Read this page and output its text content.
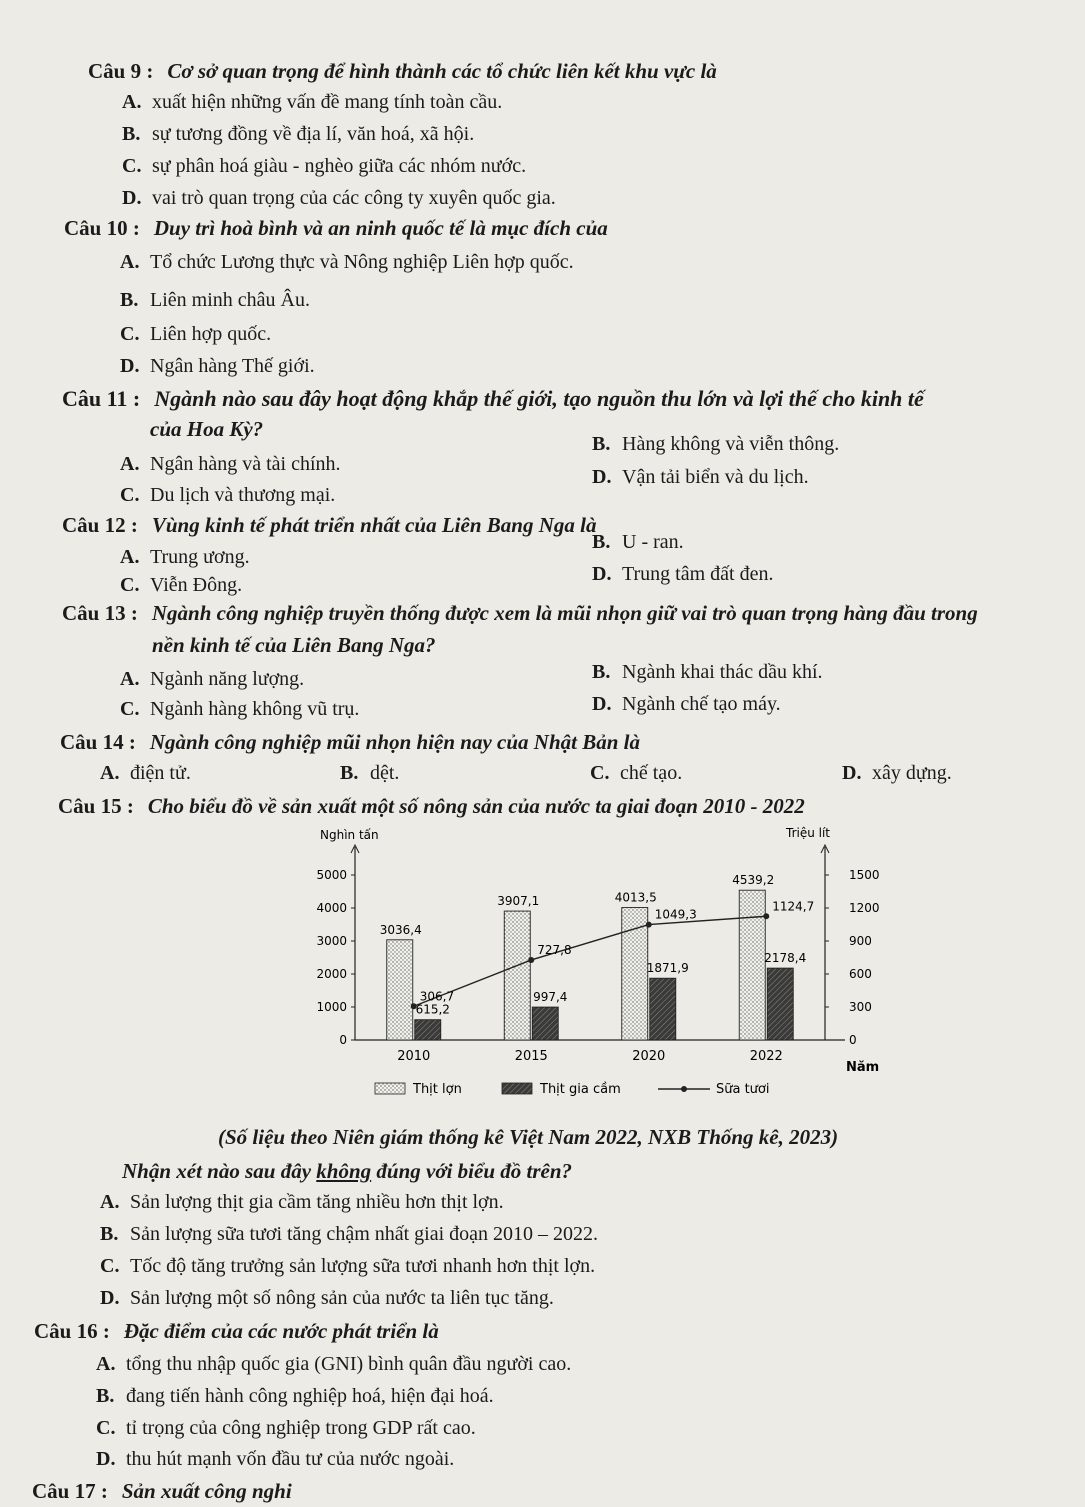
Câu 9 : Cơ sở quan trọng để hình thành các tổ chức liên kết khu vực là
A. xuất hiện những vấn đề mang tính toàn cầu.
B. sự tương đồng về địa lí, văn hoá, xã hội.
C. sự phân hoá giàu - nghèo giữa các nhóm nước.
D. vai trò quan trọng của các công ty xuyên quốc gia.
Câu 10 : Duy trì hoà bình và an ninh quốc tế là mục đích của
A. Tổ chức Lương thực và Nông nghiệp Liên hợp quốc.
B. Liên minh châu Âu.
C. Liên hợp quốc.
D. Ngân hàng Thế giới.
Câu 11 : Ngành nào sau đây hoạt động khắp thế giới, tạo nguồn thu lớn và lợi thế cho kinh tế
của Hoa Kỳ?
A. Ngân hàng và tài chính.
B. Hàng không và viễn thông.
C. Du lịch và thương mại.
D. Vận tải biển và du lịch.
Câu 12 : Vùng kinh tế phát triển nhất của Liên Bang Nga là
A. Trung ương.
B. U - ran.
C. Viễn Đông.	D. Trung tâm đất đen.
Câu 13 : Ngành công nghiệp truyền thống được xem là mũi nhọn giữ vai trò quan trọng hàng đầu trong
nền kinh tế của Liên Bang Nga?
A. Ngành năng lượng.	B. Ngành khai thác dầu khí.
C. Ngành hàng không vũ trụ.	D. Ngành chế tạo máy.
Câu 14 : Ngành công nghiệp mũi nhọn hiện nay của Nhật Bản là
A. điện tử.	B. dệt.	C. chế tạo.	D. xây dựng.
Câu 15 : Cho biểu đồ về sản xuất một số nông sản của nước ta giai đoạn 2010 - 2022
Nghìn tấn	Triệu lít
Năm
0
1000
2000
3000
4000
5000
0
300
600
900
1200
1500
2010	2015	2020	2022
3036,4
615,2
3907,1
997,4
4013,5
1871,9
4539,2
2178,4
306,7
727,8
1049,3
1124,7
Thịt lợn	Thịt gia cầm	Sữa tươi
(Số liệu theo Niên giám thống kê Việt Nam 2022, NXB Thống kê, 2023)
Nhận xét nào sau đây không đúng với biểu đồ trên?
A. Sản lượng thịt gia cầm tăng nhiều hơn thịt lợn.
B. Sản lượng sữa tươi tăng chậm nhất giai đoạn 2010 – 2022.
C. Tốc độ tăng trưởng sản lượng sữa tươi nhanh hơn thịt lợn.
D. Sản lượng một số nông sản của nước ta liên tục tăng.
Câu 16 : Đặc điểm của các nước phát triển là
A. tổng thu nhập quốc gia (GNI) bình quân đầu người cao.
B. đang tiến hành công nghiệp hoá, hiện đại hoá.
C. tỉ trọng của công nghiệp trong GDP rất cao.
D. thu hút mạnh vốn đầu tư của nước ngoài.
Câu 17 : Sản xuất công nghi
